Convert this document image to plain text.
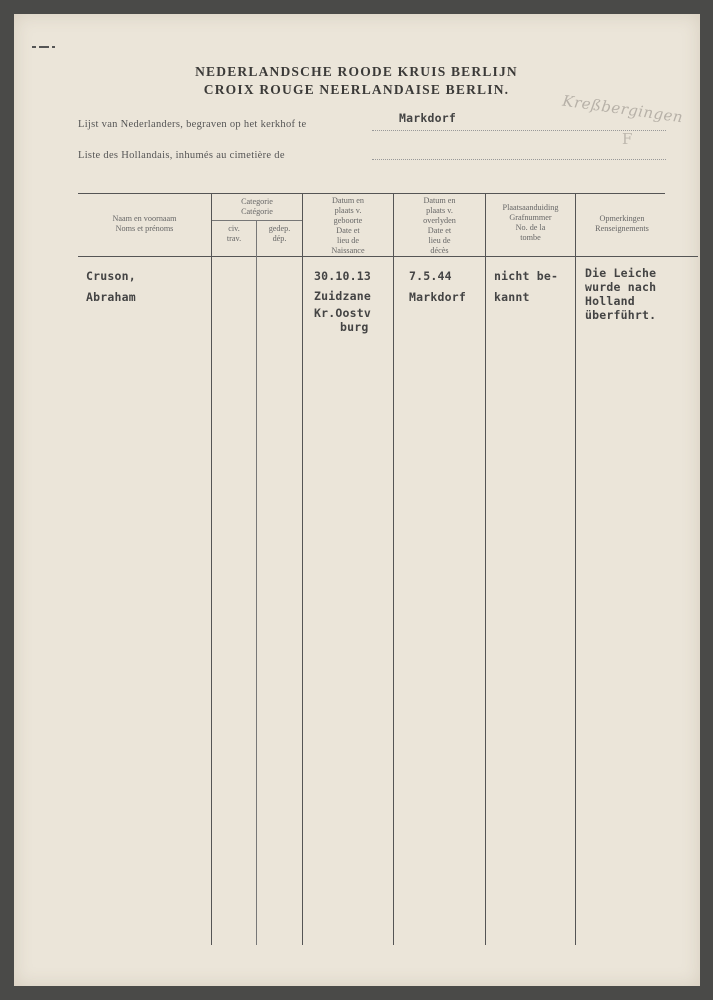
NEDERLANDSCHE ROODE KRUIS BERLIJN
CROIX ROUGE NEERLANDAISE BERLIN.
Lijst van Nederlanders, begraven op het kerkhof te	Markdorf
Liste des Hollandais, inhumés au cimetière de
Kreßbergingen
F
Naam en voornaam
Noms et prénoms
Categorie
Catégorie
civ.
trav.
gedep.
dép.
Datum en
plaats v.
geboorte
Date et
lieu de
Naissance
Datum en
plaats v.
overlyden
Date et
lieu de
décès
Plaatsaanduiding
Grafnummer
No. de la
tombe
Opmerkingen
Renseignements
Cruson,
Abraham
30.10.13
Zuidzane
Kr.Oostv
burg
7.5.44
Markdorf
nicht be-
kannt
Die Leiche
wurde nach
Holland
überführt.
